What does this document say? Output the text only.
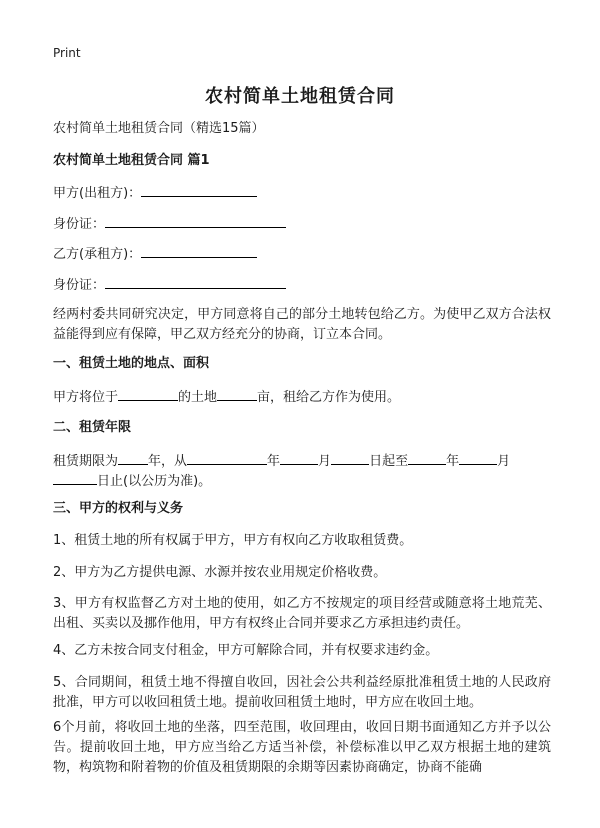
Print
农村简单土地租赁合同
农村简单土地租赁合同（精选15篇）
农村简单土地租赁合同 篇1
甲方(出租方)：
身份证：
乙方(承租方)：
身份证：
经两村委共同研究决定，甲方同意将自己的部分土地转包给乙方。为使甲乙双方合法权益能得到应有保障，甲乙双方经充分的协商，订立本合同。
一、租赁土地的地点、面积
甲方将位于	的土地	亩，租给乙方作为使用。
二、租赁年限
租赁期限为 年，从	年	月	日起至	年	月
日止(以公历为准)。
三、甲方的权利与义务
1、租赁土地的所有权属于甲方，甲方有权向乙方收取租赁费。
2、甲方为乙方提供电源、水源并按农业用规定价格收费。
3、甲方有权监督乙方对土地的使用，如乙方不按规定的项目经营或随意将土地荒芜、出租、买卖以及挪作他用，甲方有权终止合同并要求乙方承担违约责任。
4、乙方未按合同支付租金，甲方可解除合同，并有权要求违约金。
5、合同期间，租赁土地不得擅自收回，因社会公共利益经原批准租赁土地的人民政府批准，甲方可以收回租赁土地。提前收回租赁土地时，甲方应在收回土地。
6个月前，将收回土地的坐落，四至范围，收回理由，收回日期书面通知乙方并予以公告。提前收回土地，甲方应当给乙方适当补偿，补偿标准以甲乙双方根据土地的建筑物，构筑物和附着物的价值及租赁期限的余期等因素协商确定，协商不能确
